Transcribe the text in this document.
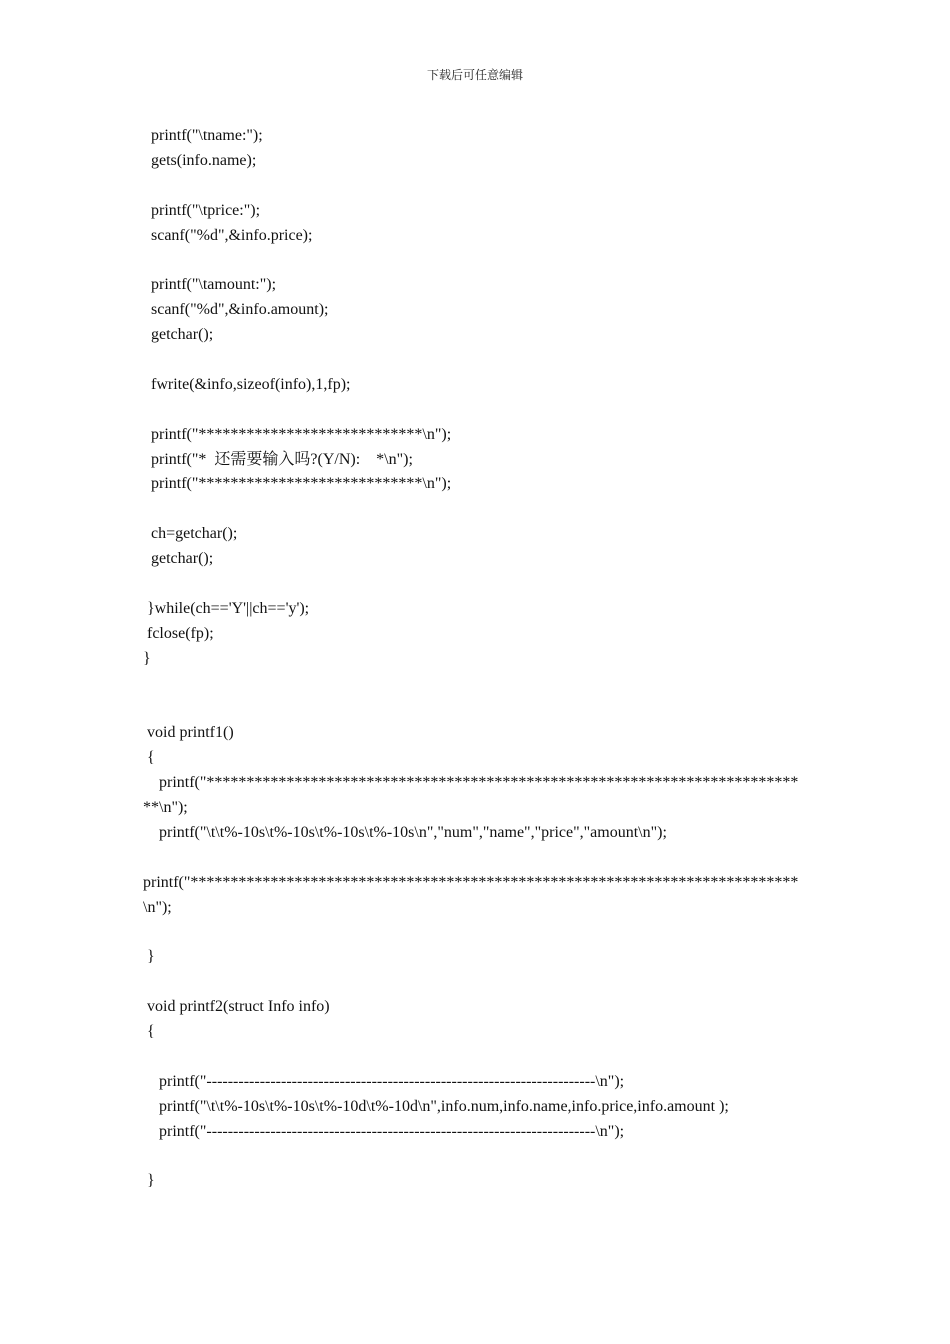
下载后可任意编辑
printf("\tname:");
gets(info.name);
printf("\tprice:");
scanf("%d",&info.price);
printf("\tamount:");
scanf("%d",&info.amount);
getchar();
fwrite(&info,sizeof(info),1,fp);
printf("****************************\n");
printf("*  还需要输入吗?(Y/N):    *\n");
printf("****************************\n");
ch=getchar();
getchar();
}while(ch=='Y'||ch=='y');
fclose(fp);
}
void printf1()
{
printf("**************************************************************************
**\n");
printf("\t\t%-10s\t%-10s\t%-10s\t%-10s\n","num","name","price","amount\n");
printf("****************************************************************************
\n");
}
void printf2(struct Info info)
{
printf("-------------------------------------------------------------------------\n");
printf("\t\t%-10s\t%-10s\t%-10d\t%-10d\n",info.num,info.name,info.price,info.amount );
printf("-------------------------------------------------------------------------\n");
}
